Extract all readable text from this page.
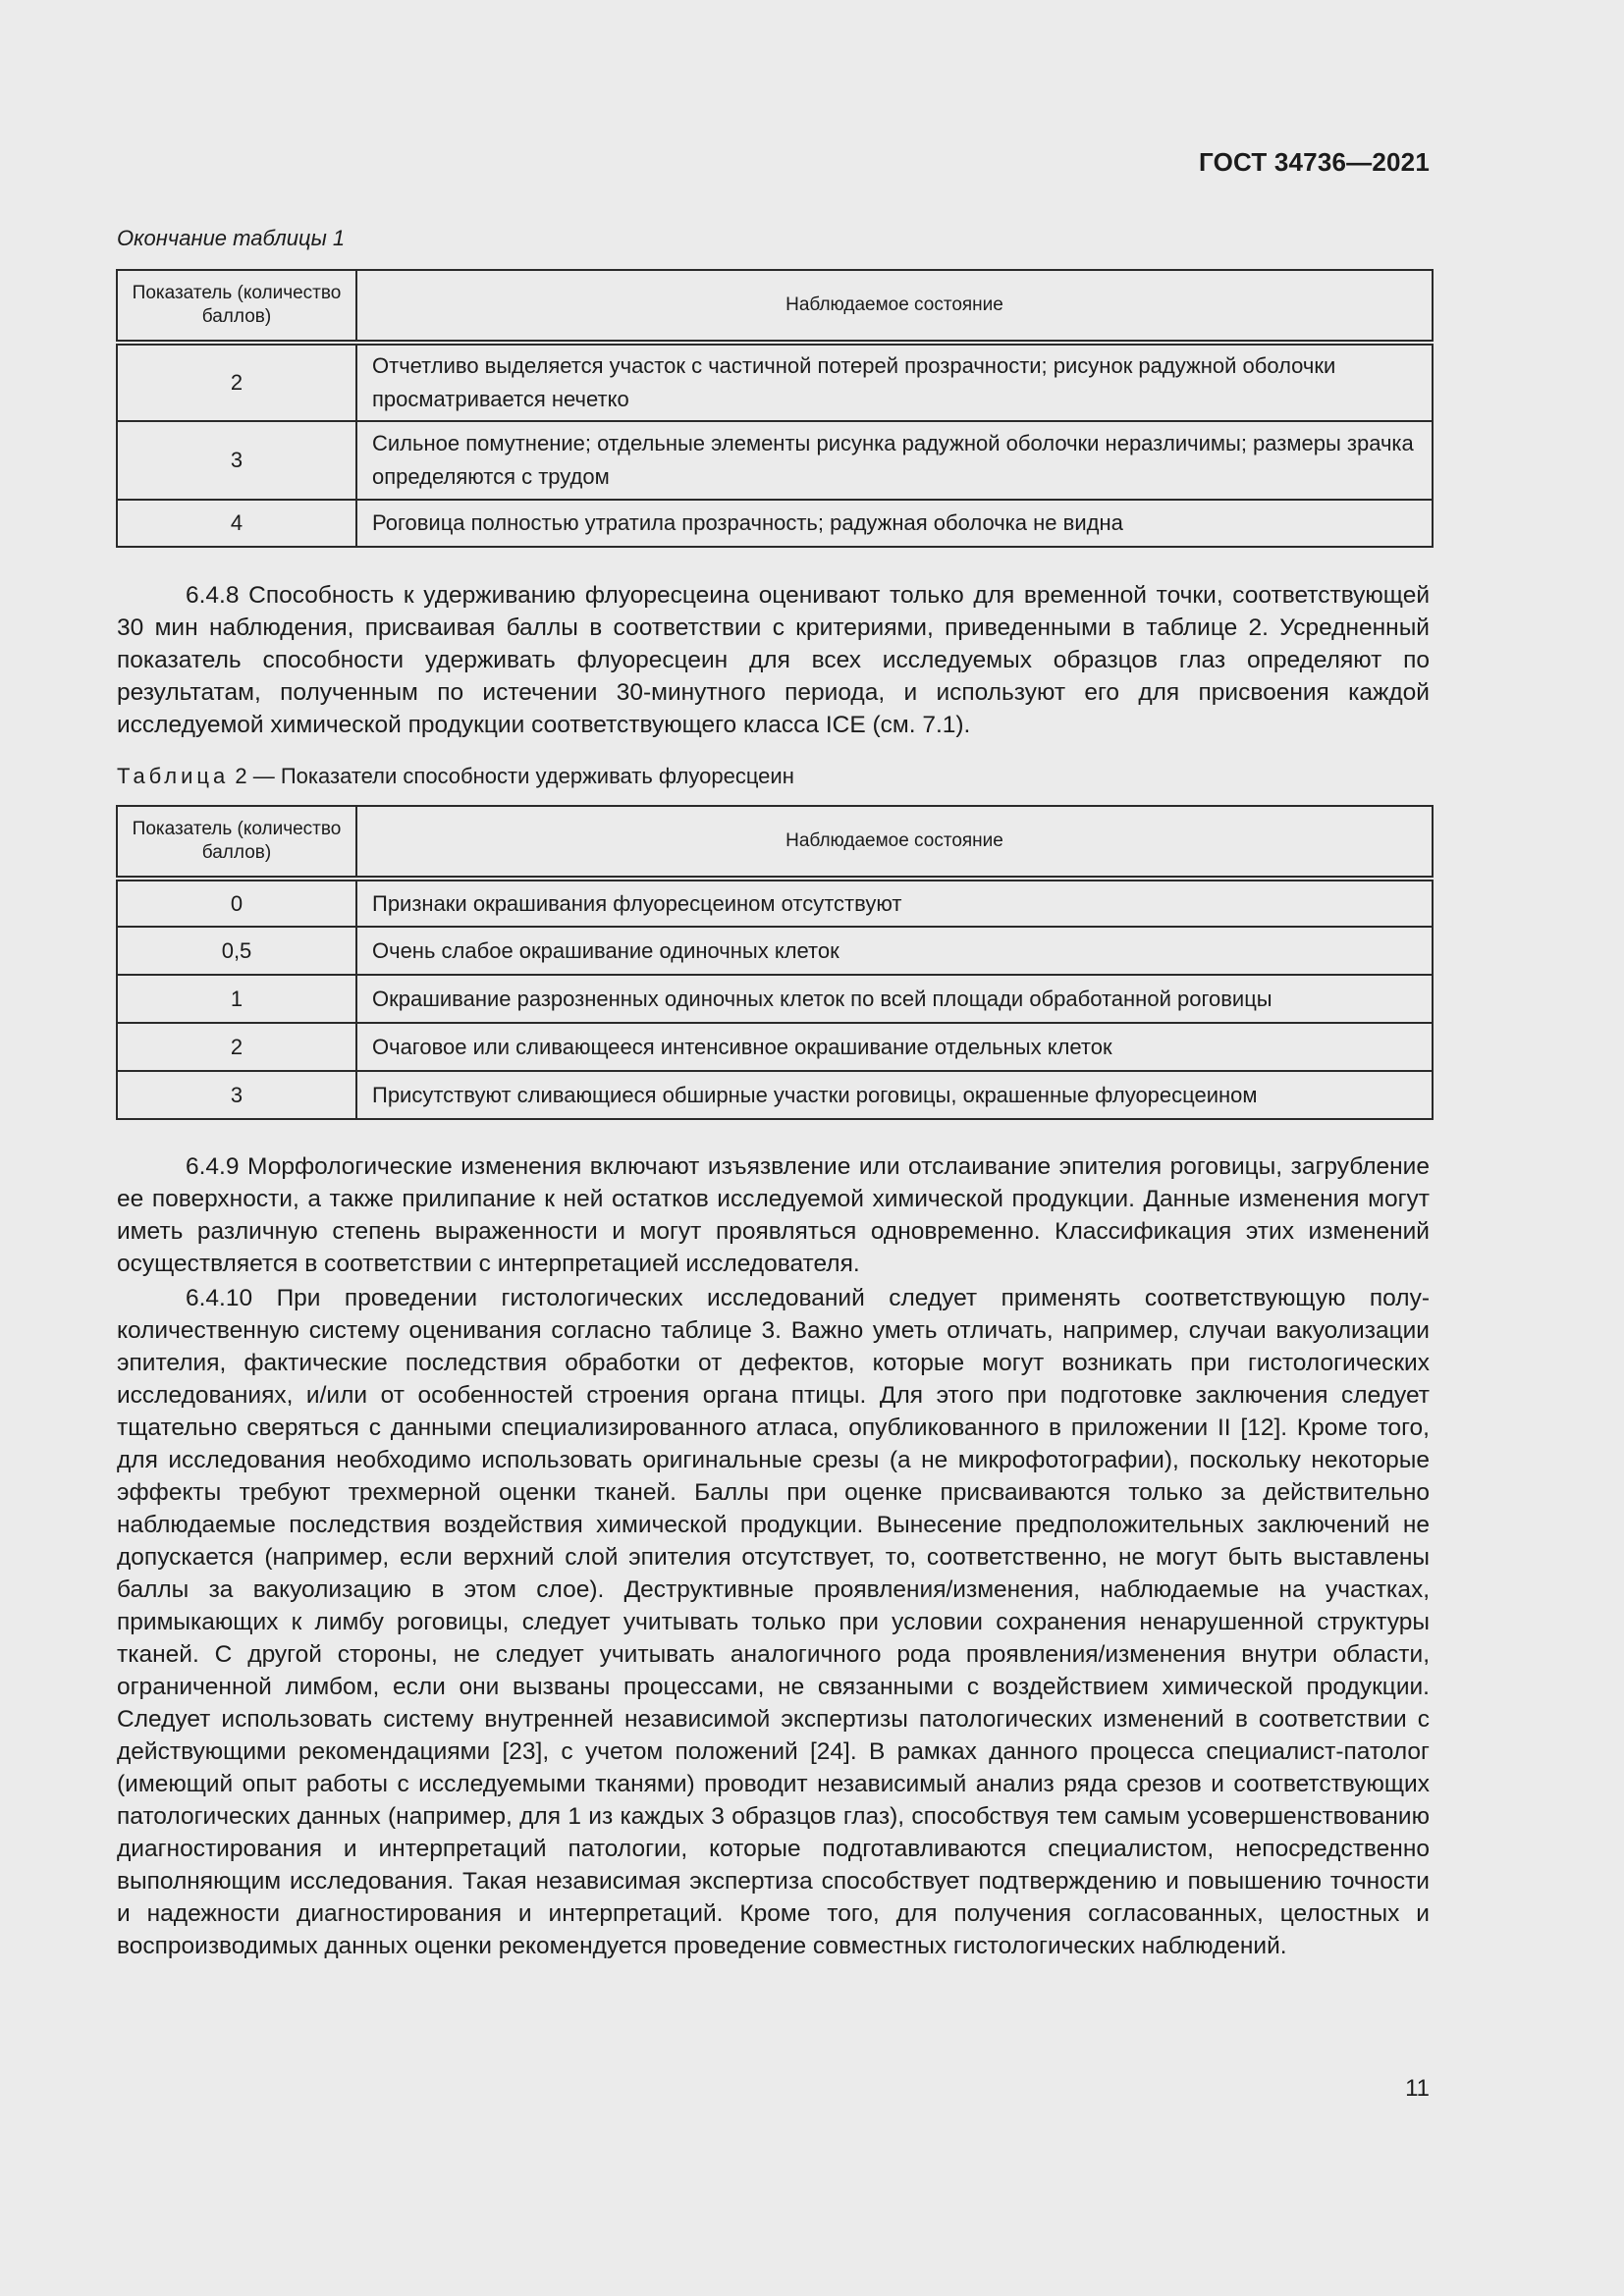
ГОСТ 34736—2021
Окончание таблицы 1
Показатель (количество баллов)	Наблюдаемое состояние
2	Отчетливо выделяется участок с частичной потерей прозрачности; рисунок радужной оболочки просматривается нечетко
3	Сильное помутнение; отдельные элементы рисунка радужной оболочки неразличимы; размеры зрачка определяются с трудом
4	Роговица полностью утратила прозрачность; радужная оболочка не видна

6.4.8 Способность к удерживанию флуоресцеина оценивают только для временной точки, соответствующей 30 мин наблюдения, присваивая баллы в соответствии с критериями, приведенными в таблице 2. Усредненный показатель способности удерживать флуоресцеин для всех исследуемых образцов глаз определяют по результатам, полученным по истечении 30-минутного периода, и используют его для присвоения каждой исследуемой химической продукции соответствующего класса ICE (см. 7.1).

Таблица 2 — Показатели способности удерживать флуоресцеин
Показатель (количество баллов)	Наблюдаемое состояние
0	Признаки окрашивания флуоресцеином отсутствуют
0,5	Очень слабое окрашивание одиночных клеток
1	Окрашивание разрозненных одиночных клеток по всей площади обработанной роговицы
2	Очаговое или сливающееся интенсивное окрашивание отдельных клеток
3	Присутствуют сливающиеся обширные участки роговицы, окрашенные флуоресцеином

6.4.9 Морфологические изменения включают изъязвление или отслаивание эпителия роговицы, загрубление ее поверхности, а также прилипание к ней остатков исследуемой химической продукции. Данные изменения могут иметь различную степень выраженности и могут проявляться одновременно. Классификация этих изменений осуществляется в соответствии с интерпретацией исследователя.

6.4.10 При проведении гистологических исследований следует применять соответствующую полуколичественную систему оценивания согласно таблице 3. Важно уметь отличать, например, случаи вакуолизации эпителия, фактические последствия обработки от дефектов, которые могут возникать при гистологических исследованиях, и/или от особенностей строения органа птицы. Для этого при подготовке заключения следует тщательно сверяться с данными специализированного атласа, опубликованного в приложении II [12]. Кроме того, для исследования необходимо использовать оригинальные срезы (а не микрофотографии), поскольку некоторые эффекты требуют трехмерной оценки тканей. Баллы при оценке присваиваются только за действительно наблюдаемые последствия воздействия химической продукции. Вынесение предположительных заключений не допускается (например, если верхний слой эпителия отсутствует, то, соответственно, не могут быть выставлены баллы за вакуолизацию в этом слое). Деструктивные проявления/изменения, наблюдаемые на участках, примыкающих к лимбу роговицы, следует учитывать только при условии сохранения ненарушенной структуры тканей. С другой стороны, не следует учитывать аналогичного рода проявления/изменения внутри области, ограниченной лимбом, если они вызваны процессами, не связанными с воздействием химической продукции. Следует использовать систему внутренней независимой экспертизы патологических изменений в соответствии с действующими рекомендациями [23], с учетом положений [24]. В рамках данного процесса специалист-патолог (имеющий опыт работы с исследуемыми тканями) проводит независимый анализ ряда срезов и соответствующих патологических данных (например, для 1 из каждых 3 образцов глаз), способствуя тем самым усовершенствованию диагностирования и интерпретаций патологии, которые подготавливаются специалистом, непосредственно выполняющим исследования. Такая независимая экспертиза способствует подтверждению и повышению точности и надежности диагностирования и интерпретаций. Кроме того, для получения согласованных, целостных и воспроизводимых данных оценки рекомендуется проведение совместных гистологических наблюдений.

11
